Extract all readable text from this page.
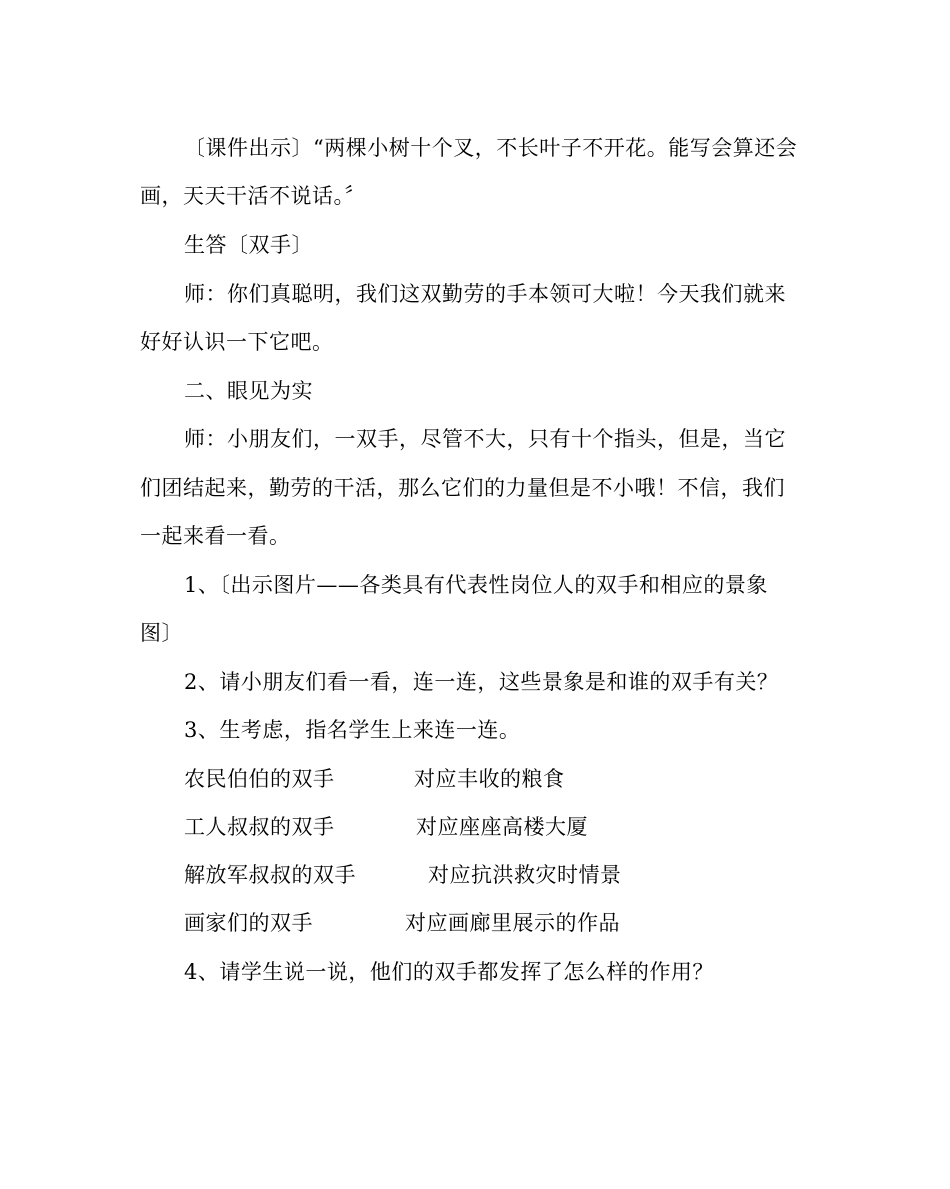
〔课件出示〕“两棵小树十个叉，不长叶子不开花。能写会算还会
画，天天干活不说话。〞
生答〔双手〕
师：你们真聪明，我们这双勤劳的手本领可大啦！今天我们就来
好好认识一下它吧。
二、眼见为实
师：小朋友们，一双手，尽管不大，只有十个指头，但是，当它
们团结起来，勤劳的干活，那么它们的力量但是不小哦！不信，我们
一起来看一看。
1、〔出示图片——各类具有代表性岗位人的双手和相应的景象
图〕
2、请小朋友们看一看，连一连，这些景象是和谁的双手有关？
3、生考虑，指名学生上来连一连。
农民伯伯的双手	对应丰收的粮食
工人叔叔的双手	对应座座高楼大厦
解放军叔叔的双手	对应抗洪救灾时情景
画家们的双手	对应画廊里展示的作品
4、请学生说一说，他们的双手都发挥了怎么样的作用？
